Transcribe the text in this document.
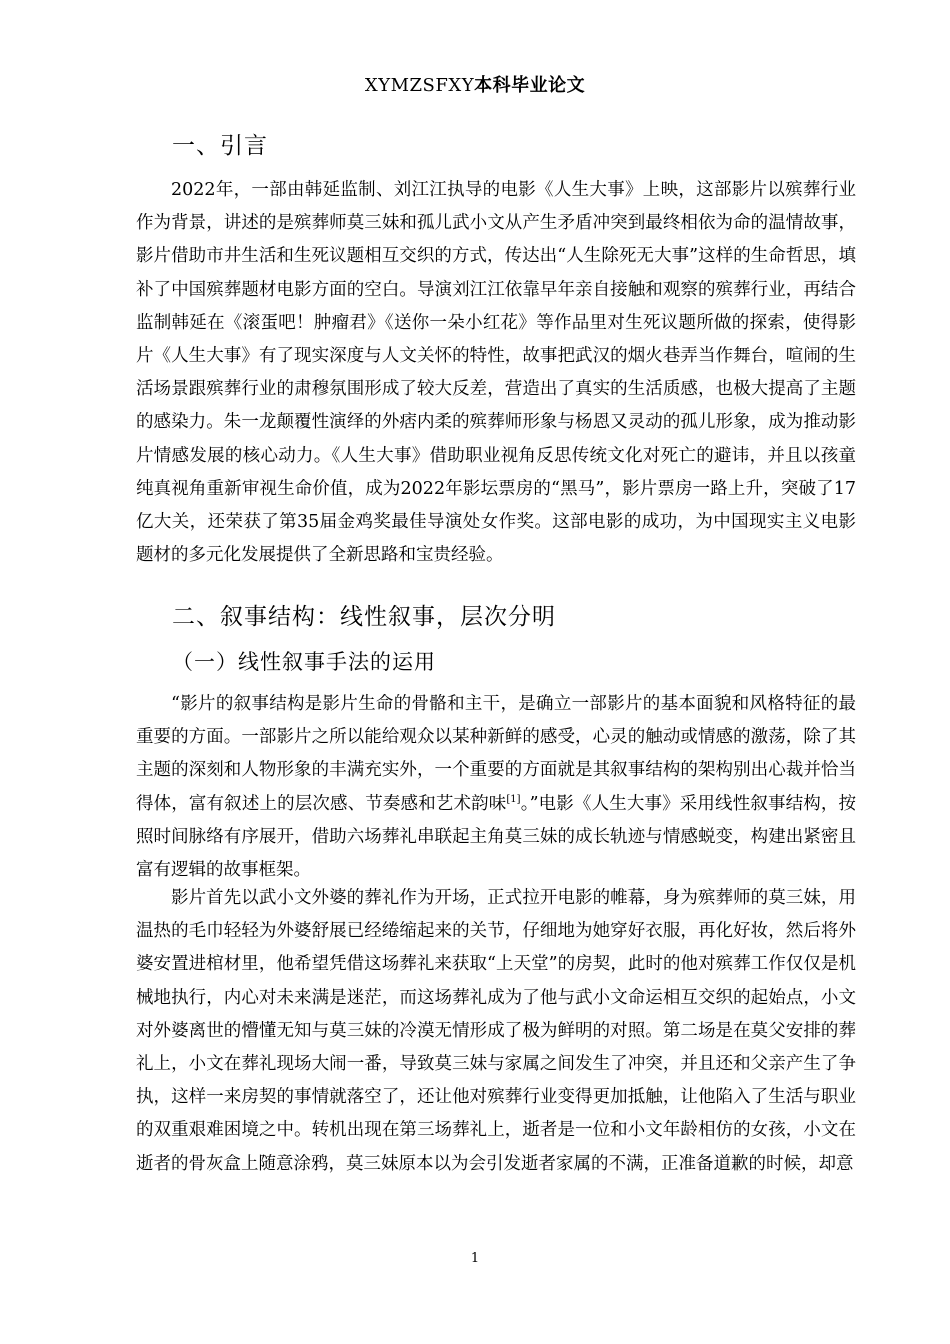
XYMZSFXY本科毕业论文
一、引言

2022年，一部由韩延监制、刘江江执导的电影《人生大事》上映，这部影片以殡葬行业作为背景，讲述的是殡葬师莫三妹和孤儿武小文从产生矛盾冲突到最终相依为命的温情故事，影片借助市井生活和生死议题相互交织的方式，传达出“人生除死无大事”这样的生命哲思，填补了中国殡葬题材电影方面的空白。导演刘江江依靠早年亲自接触和观察的殡葬行业，再结合监制韩延在《滚蛋吧！肿瘤君》《送你一朵小红花》等作品里对生死议题所做的探索，使得影片《人生大事》有了现实深度与人文关怀的特性，故事把武汉的烟火巷弄当作舞台，喧闹的生活场景跟殡葬行业的肃穆氛围形成了较大反差，营造出了真实的生活质感，也极大提高了主题的感染力。朱一龙颠覆性演绎的外痞内柔的殡葬师形象与杨恩又灵动的孤儿形象，成为推动影片情感发展的核心动力。《人生大事》借助职业视角反思传统文化对死亡的避讳，并且以孩童纯真视角重新审视生命价值，成为2022年影坛票房的“黑马”，影片票房一路上升，突破了17亿大关，还荣获了第35届金鸡奖最佳导演处女作奖。这部电影的成功，为中国现实主义电影题材的多元化发展提供了全新思路和宝贵经验。

二、叙事结构：线性叙事，层次分明
（一）线性叙事手法的运用

“影片的叙事结构是影片生命的骨骼和主干，是确立一部影片的基本面貌和风格特征的最重要的方面。一部影片之所以能给观众以某种新鲜的感受，心灵的触动或情感的激荡，除了其主题的深刻和人物形象的丰满充实外，一个重要的方面就是其叙事结构的架构别出心裁并恰当得体，富有叙述上的层次感、节奏感和艺术韵味[1]。”电影《人生大事》采用线性叙事结构，按照时间脉络有序展开，借助六场葬礼串联起主角莫三妹的成长轨迹与情感蜕变，构建出紧密且富有逻辑的故事框架。

影片首先以武小文外婆的葬礼作为开场，正式拉开电影的帷幕，身为殡葬师的莫三妹，用温热的毛巾轻轻为外婆舒展已经绻缩起来的关节，仔细地为她穿好衣服，再化好妆，然后将外婆安置进棺材里，他希望凭借这场葬礼来获取“上天堂”的房契，此时的他对殡葬工作仅仅是机械地执行，内心对未来满是迷茫，而这场葬礼成为了他与武小文命运相互交织的起始点，小文对外婆离世的懵懂无知与莫三妹的冷漠无情形成了极为鲜明的对照。第二场是在莫父安排的葬礼上，小文在葬礼现场大闹一番，导致莫三妹与家属之间发生了冲突，并且还和父亲产生了争执，这样一来房契的事情就落空了，还让他对殡葬行业变得更加抵触，让他陷入了生活与职业的双重艰难困境之中。转机出现在第三场葬礼上，逝者是一位和小文年龄相仿的女孩，小文在逝者的骨灰盒上随意涂鸦，莫三妹原本以为会引发逝者家属的不满，正准备道歉的时候，却意

1
